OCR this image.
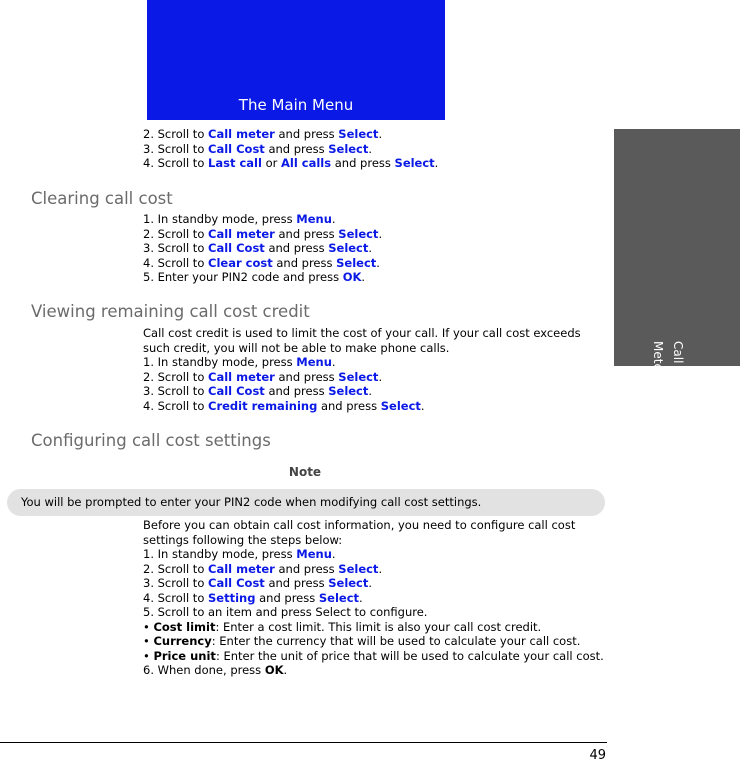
The Main Menu
Call Meter
2. Scroll to Call meter and press Select.
3. Scroll to Call Cost and press Select.
4. Scroll to Last call or All calls and press Select.
Clearing call cost
1. In standby mode, press Menu.
2. Scroll to Call meter and press Select.
3. Scroll to Call Cost and press Select.
4. Scroll to Clear cost and press Select.
5. Enter your PIN2 code and press OK.
Viewing remaining call cost credit
Call cost credit is used to limit the cost of your call. If your call cost exceeds
such credit, you will not be able to make phone calls.
1. In standby mode, press Menu.
2. Scroll to Call meter and press Select.
3. Scroll to Call Cost and press Select.
4. Scroll to Credit remaining and press Select.
Configuring call cost settings
Note
You will be prompted to enter your PIN2 code when modifying call cost settings.
Before you can obtain call cost information, you need to configure call cost
settings following the steps below:
1. In standby mode, press Menu.
2. Scroll to Call meter and press Select.
3. Scroll to Call Cost and press Select.
4. Scroll to Setting and press Select.
5. Scroll to an item and press Select to configure.
• Cost limit: Enter a cost limit. This limit is also your call cost credit.
• Currency: Enter the currency that will be used to calculate your call cost.
• Price unit: Enter the unit of price that will be used to calculate your call cost.
6. When done, press OK.
49
